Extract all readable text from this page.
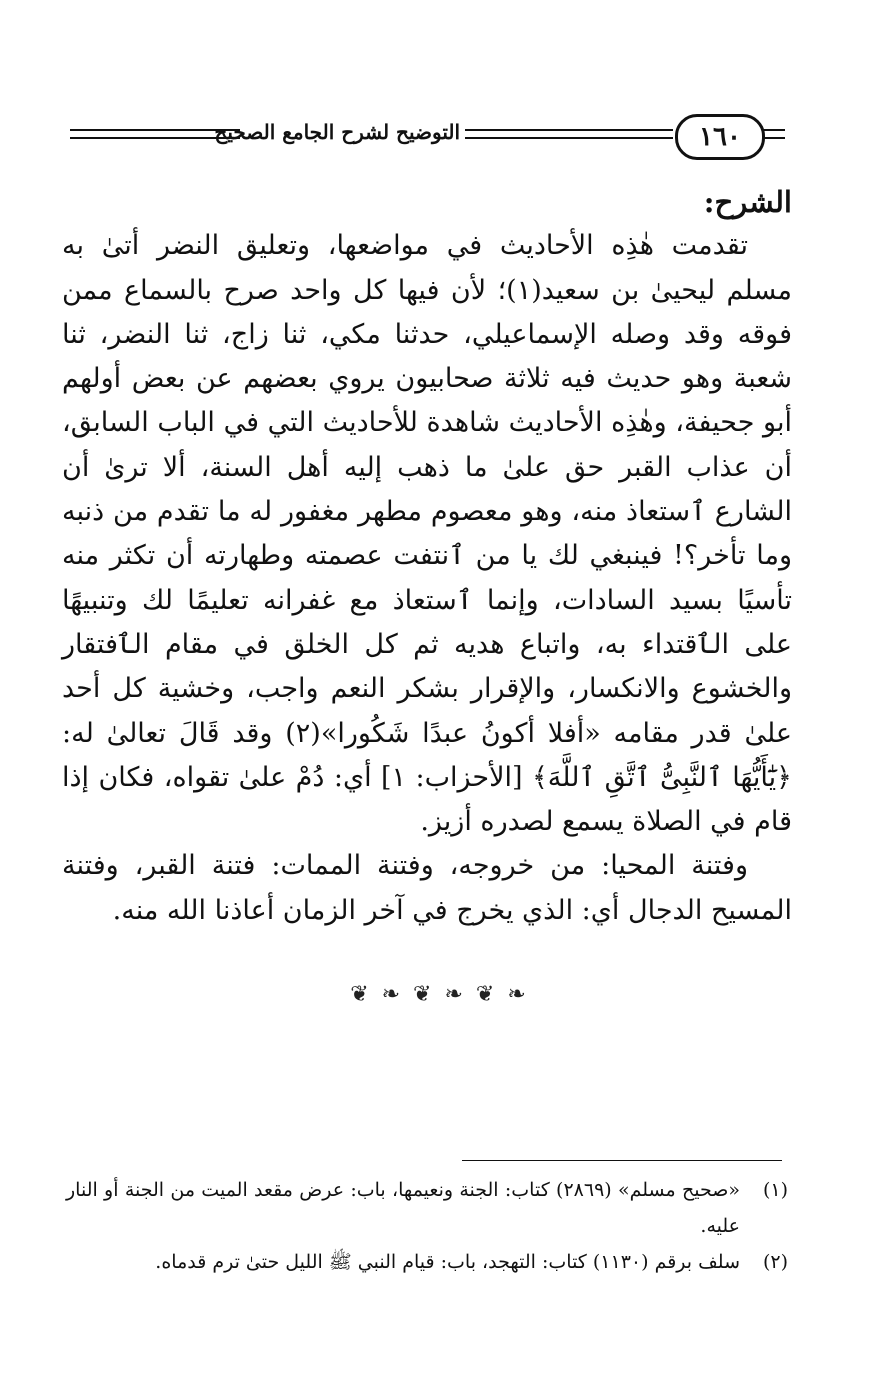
١٦٠
التوضيح لشرح الجامع الصحيح
الشرح:

تقدمت هٰذِه الأحاديث في مواضعها، وتعليق النضر أتىٰ به مسلم ليحيىٰ بن سعيد(١)؛ لأن فيها كل واحد صرح بالسماع ممن فوقه وقد وصله الإسماعيلي، حدثنا مكي، ثنا زاج، ثنا النضر، ثنا شعبة وهو حديث فيه ثلاثة صحابيون يروي بعضهم عن بعض أولهم أبو جحيفة، وهٰذِه الأحاديث شاهدة للأحاديث التي في الباب السابق، أن عذاب القبر حق علىٰ ما ذهب إليه أهل السنة، ألا ترىٰ أن الشارع ٱستعاذ منه، وهو معصوم مطهر مغفور له ما تقدم من ذنبه وما تأخر؟! فينبغي لك يا من ٱنتفت عصمته وطهارته أن تكثر منه تأسيًا بسيد السادات، وإنما ٱستعاذ مع غفرانه تعليمًا لك وتنبيهًا على الٱقتداء به، واتباع هديه ثم كل الخلق في مقام الٱفتقار والخشوع والانكسار، والإقرار بشكر النعم واجب، وخشية كل أحد علىٰ قدر مقامه «أفلا أكونُ عبدًا شَكُورا»(٢) وقد قَالَ تعالىٰ له: ﴿يَٰٓأَيُّهَا ٱلنَّبِىُّ ٱتَّقِ ٱللَّهَ﴾ [الأحزاب: ١] أي: دُمْ علىٰ تقواه، فكان إذا قام في الصلاة يسمع لصدره أزيز.

وفتنة المحيا: من خروجه، وفتنة الممات: فتنة القبر، وفتنة المسيح الدجال أي: الذي يخرج في آخر الزمان أعاذنا الله منه.

❧ ❦ ❧ ❦ ❧ ❦
(١)
«صحيح مسلم» (٢٨٦٩) كتاب: الجنة ونعيمها، باب: عرض مقعد الميت من الجنة أو النار عليه.
(٢)
سلف برقم (١١٣٠) كتاب: التهجد، باب: قيام النبي ﷺ الليل حتىٰ ترم قدماه.
